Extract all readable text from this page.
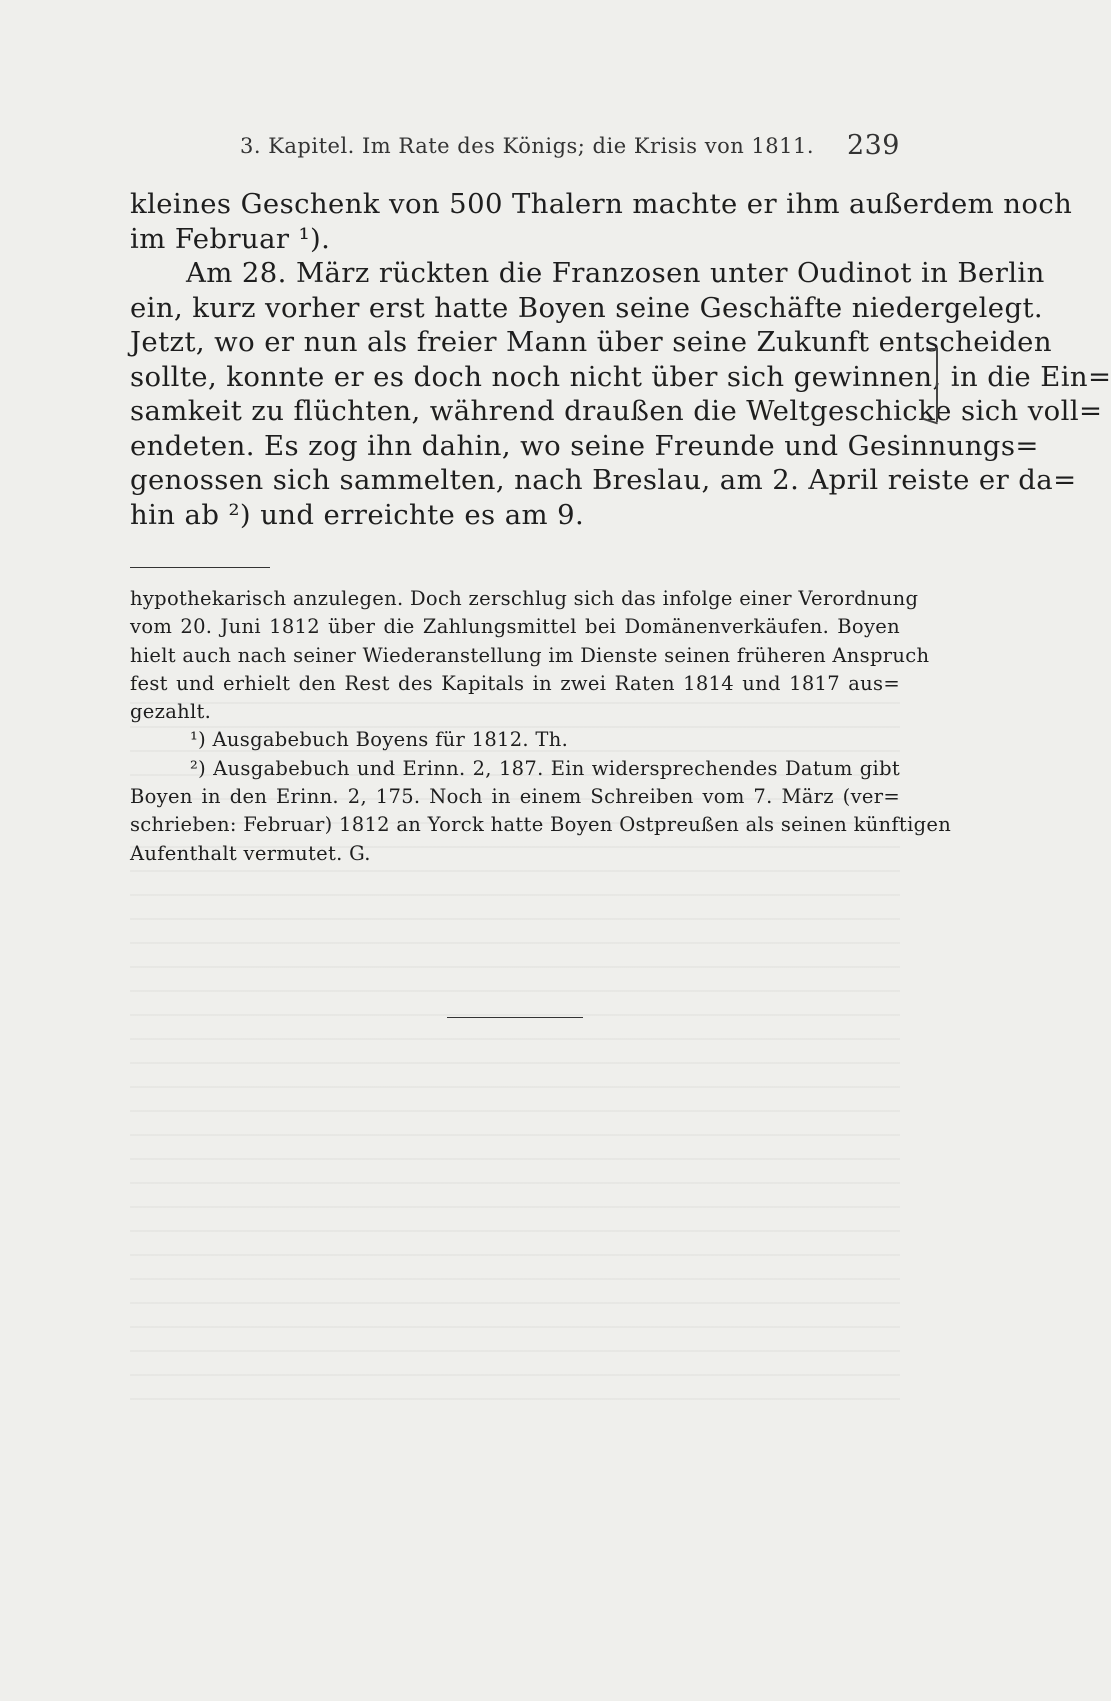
3. Kapitel. Im Rate des Königs; die Krisis von 1811. 239
kleines Geschenk von 500 Thalern machte er ihm außerdem noch
im Februar ¹).
Am 28. März rückten die Franzosen unter Oudinot in Berlin
ein, kurz vorher erst hatte Boyen seine Geschäfte niedergelegt.
Jetzt, wo er nun als freier Mann über seine Zukunft entscheiden
sollte, konnte er es doch noch nicht über sich gewinnen, in die Ein=
samkeit zu flüchten, während draußen die Weltgeschicke sich voll=
endeten. Es zog ihn dahin, wo seine Freunde und Gesinnungs=
genossen sich sammelten, nach Breslau, am 2. April reiste er da=
hin ab ²) und erreichte es am 9.
hypothekarisch anzulegen. Doch zerschlug sich das infolge einer Verordnung
vom 20. Juni 1812 über die Zahlungsmittel bei Domänenverkäufen. Boyen
hielt auch nach seiner Wiederanstellung im Dienste seinen früheren Anspruch
fest und erhielt den Rest des Kapitals in zwei Raten 1814 und 1817 aus=
gezahlt.
¹) Ausgabebuch Boyens für 1812. Th.
²) Ausgabebuch und Erinn. 2, 187. Ein widersprechendes Datum gibt
Boyen in den Erinn. 2, 175. Noch in einem Schreiben vom 7. März (ver=
schrieben: Februar) 1812 an Yorck hatte Boyen Ostpreußen als seinen künftigen
Aufenthalt vermutet. G.
